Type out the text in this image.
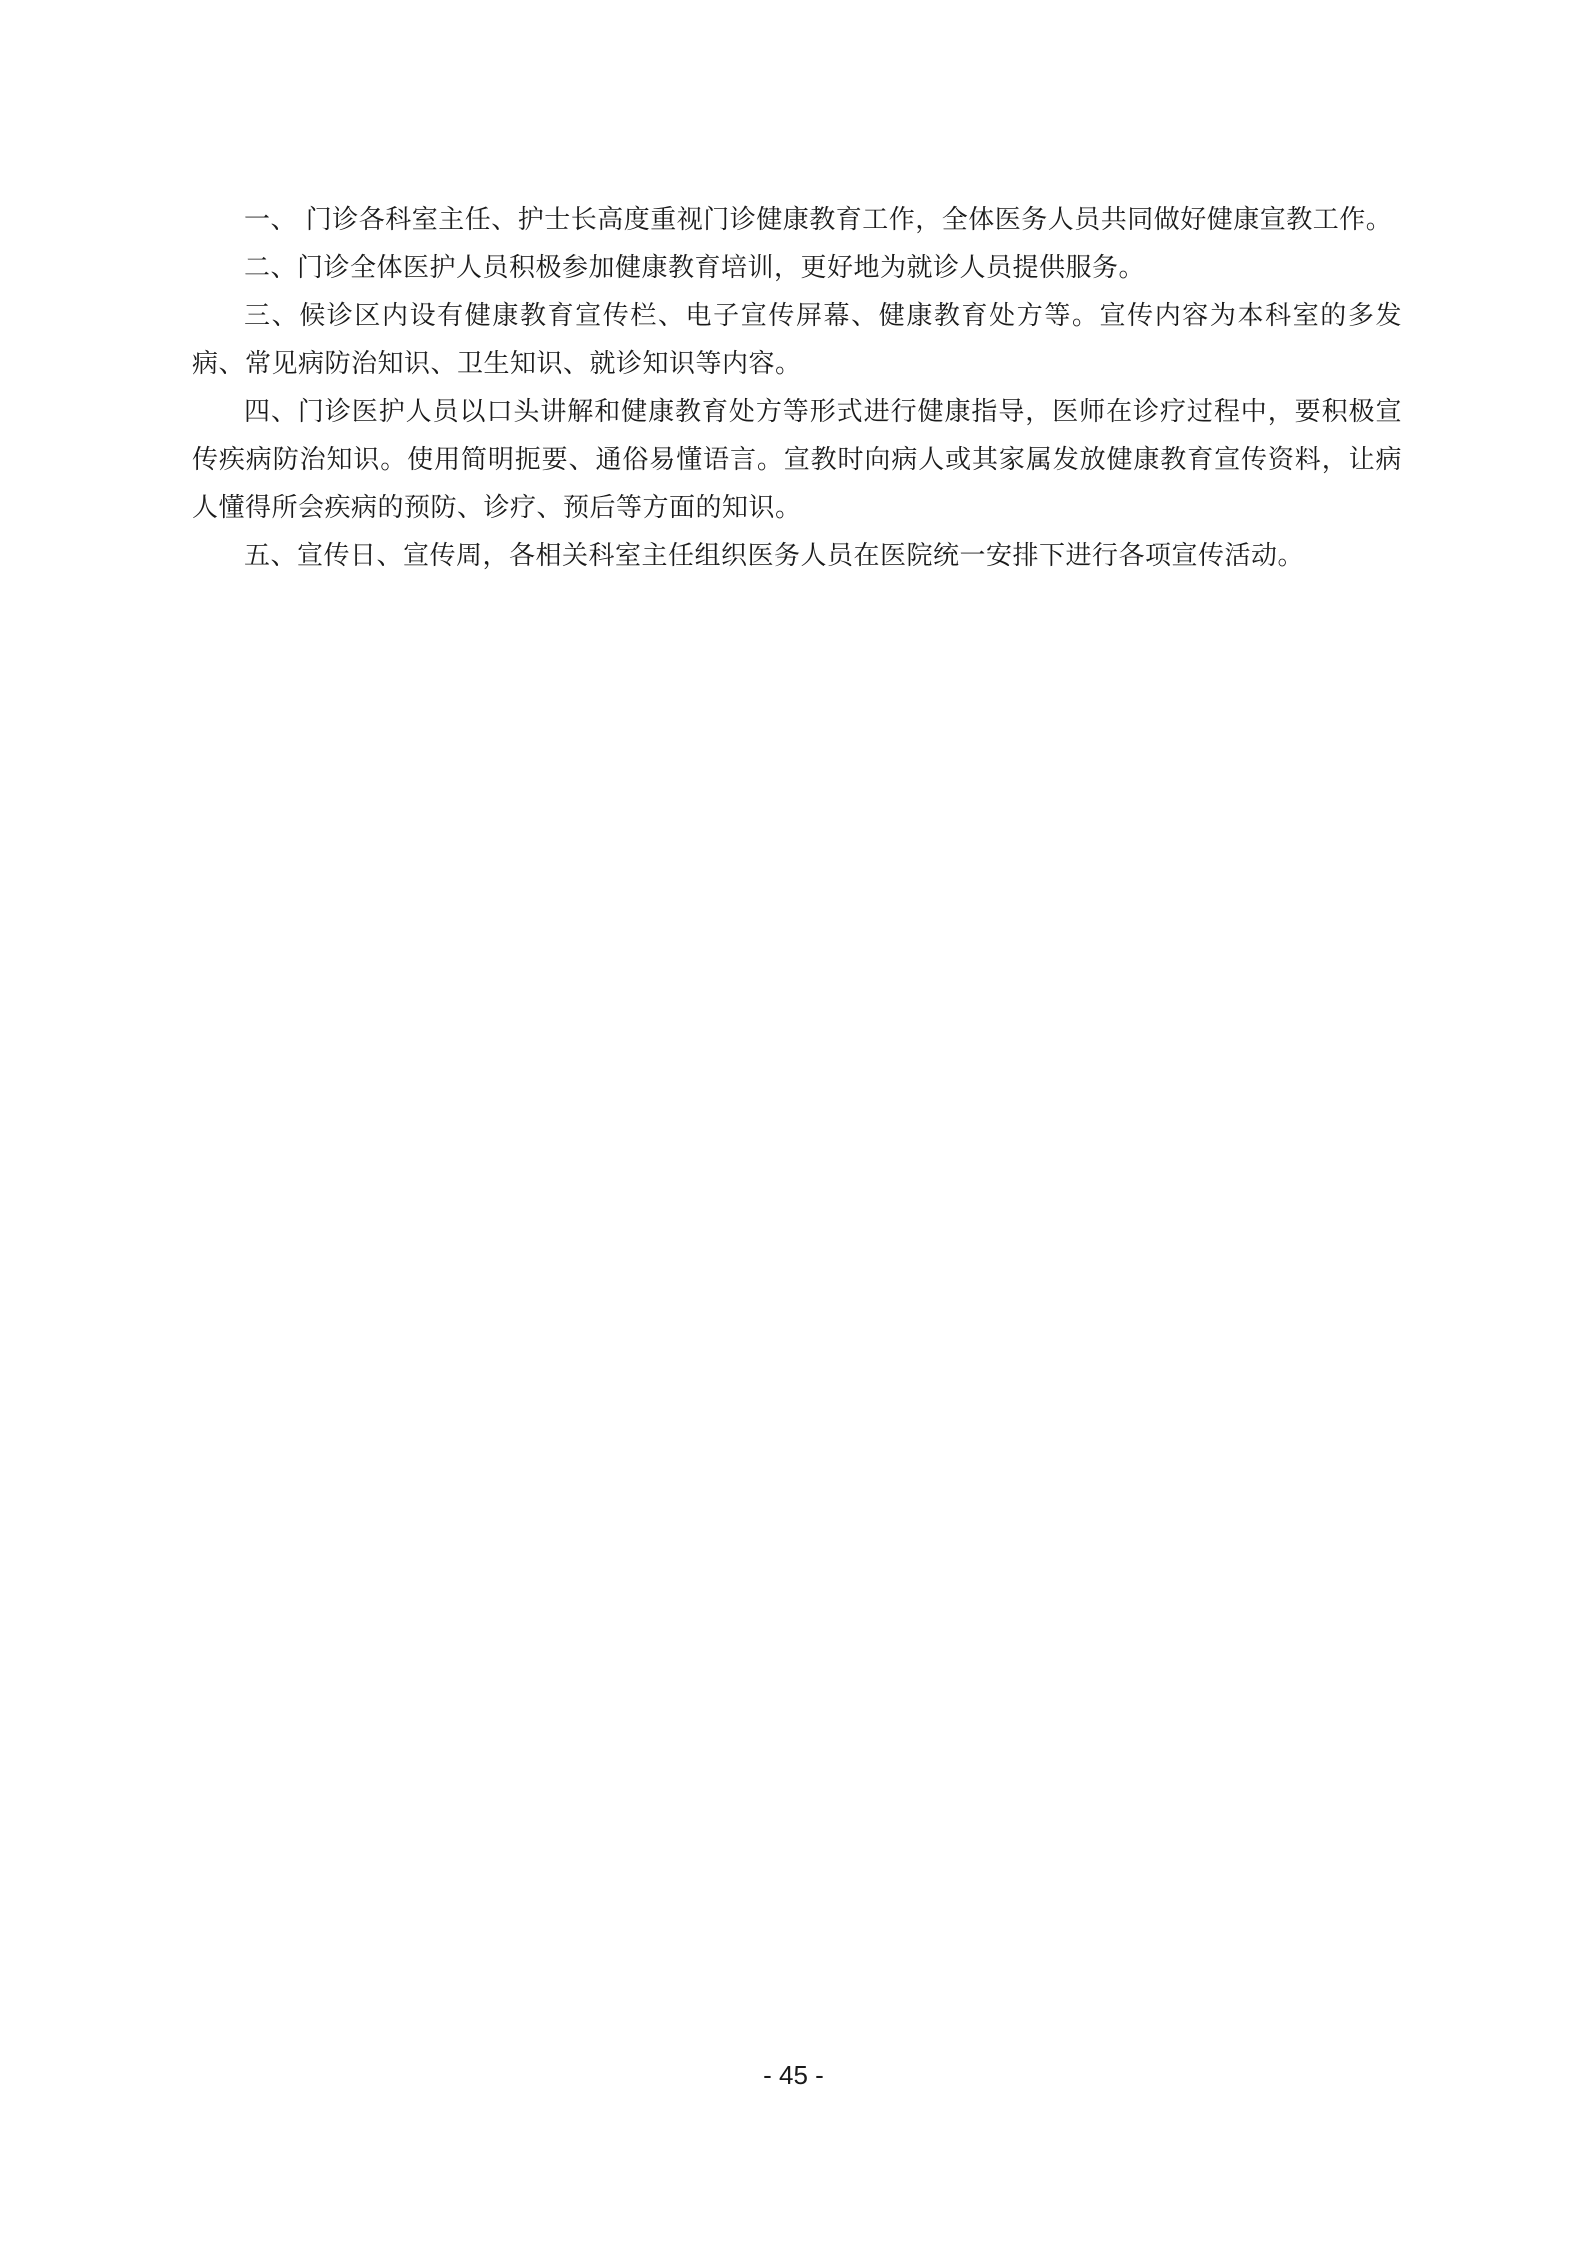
一、 门诊各科室主任、护士长高度重视门诊健康教育工作，全体医务人员共同做好健康宣教工作。

二、门诊全体医护人员积极参加健康教育培训，更好地为就诊人员提供服务。

三、候诊区内设有健康教育宣传栏、电子宣传屏幕、健康教育处方等。宣传内容为本科室的多发病、常见病防治知识、卫生知识、就诊知识等内容。

四、门诊医护人员以口头讲解和健康教育处方等形式进行健康指导，医师在诊疗过程中，要积极宣传疾病防治知识。使用简明扼要、通俗易懂语言。宣教时向病人或其家属发放健康教育宣传资料，让病人懂得所会疾病的预防、诊疗、预后等方面的知识。

五、宣传日、宣传周，各相关科室主任组织医务人员在医院统一安排下进行各项宣传活动。

- 45 -
